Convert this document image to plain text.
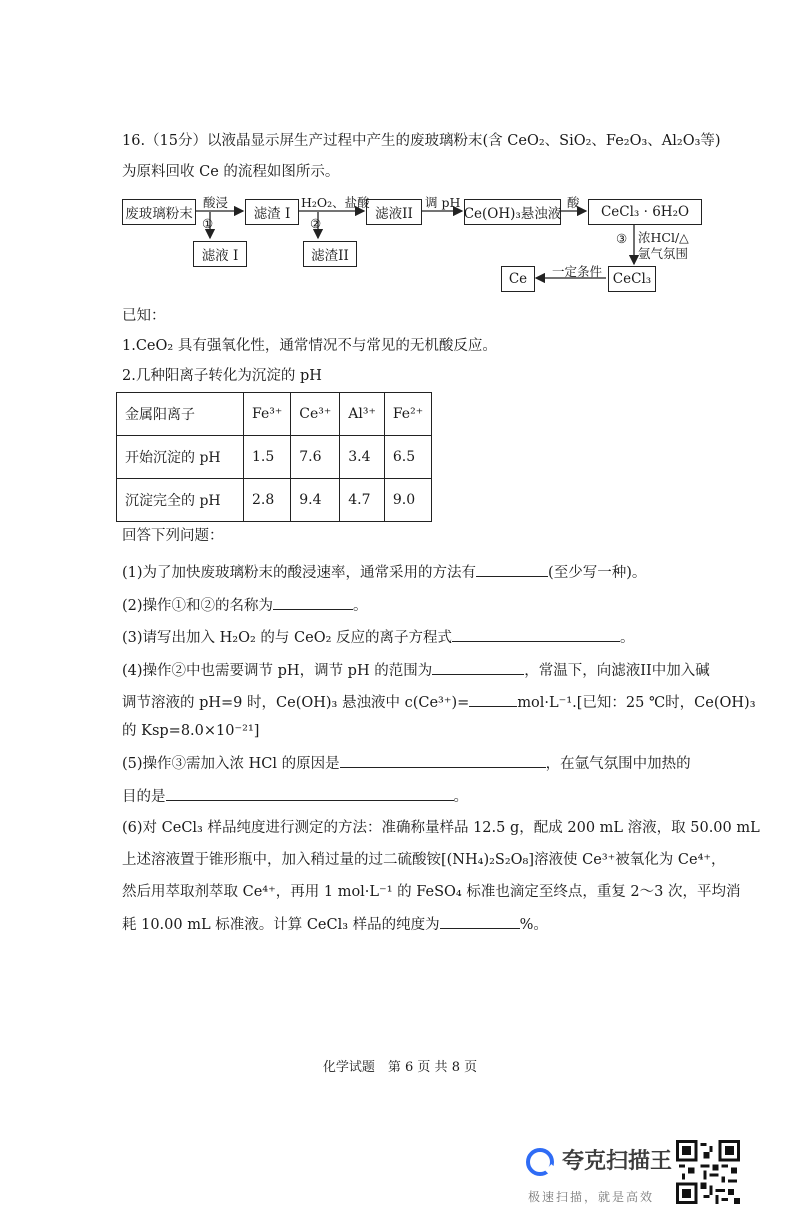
16.（15分）以液晶显示屏生产过程中产生的废玻璃粉末(含 CeO₂、SiO₂、Fe₂O₃、Al₂O₃等)
为原料回收 Ce 的流程如图所示。
废玻璃粉末	滤渣 I	滤液II	Ce(OH)₃悬浊液	CeCl₃ · 6H₂O
滤液 I	滤渣II
Ce	CeCl₃
酸浸
①
H₂O₂、盐酸
②
调 pH	酸
③ 浓HCl/△
氩气氛围
一定条件
已知：
1.CeO₂ 具有强氧化性，通常情况不与常见的无机酸反应。
2.几种阳离子转化为沉淀的 pH
金属阳离子	Fe³⁺	Ce³⁺	Al³⁺	Fe²⁺
开始沉淀的 pH	1.5	7.6	3.4	6.5
沉淀完全的 pH	2.8	9.4	4.7	9.0
回答下列问题：
(1)为了加快废玻璃粉末的酸浸速率，通常采用的方法有	(至少写一种)。
(2)操作①和②的名称为	。
(3)请写出加入 H₂O₂ 的与 CeO₂ 反应的离子方程式	。
(4)操作②中也需要调节 pH，调节 pH 的范围为	，常温下，向滤液II中加入碱
调节溶液的 pH=9 时，Ce(OH)₃ 悬浊液中 c(Ce³⁺)=	mol·L⁻¹.[已知：25 ℃时，Ce(OH)₃
的 Ksp=8.0×10⁻²¹]
(5)操作③需加入浓 HCl 的原因是	，在氩气氛围中加热的
目的是	。
(6)对 CeCl₃ 样品纯度进行测定的方法：准确称量样品 12.5 g，配成 200 mL 溶液，取 50.00 mL
上述溶液置于锥形瓶中，加入稍过量的过二硫酸铵[(NH₄)₂S₂O₈]溶液使 Ce³⁺被氧化为 Ce⁴⁺，
然后用萃取剂萃取 Ce⁴⁺，再用 1 mol·L⁻¹ 的 FeSO₄ 标准也滴定至终点，重复 2～3 次，平均消
耗 10.00 mL 标准液。计算 CeCl₃ 样品的纯度为	%。
化学试题　第 6 页 共 8 页
夸克扫描王
极速扫描，就是高效
